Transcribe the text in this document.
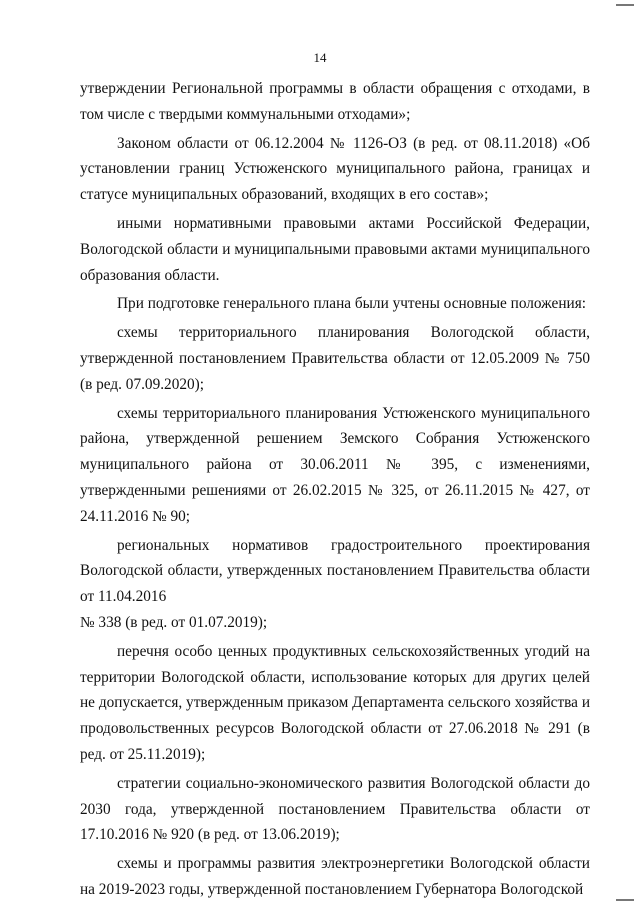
14

утверждении Региональной программы в области обращения с отходами, в том числе с твердыми коммунальными отходами»;

Законом области от 06.12.2004 № 1126-ОЗ (в ред. от 08.11.2018) «Об установлении границ Устюженского муниципального района, границах и статусе муниципальных образований, входящих в его состав»;

иными нормативными правовыми актами Российской Федерации, Вологодской области и муниципальными правовыми актами муниципального образования области.

При подготовке генерального плана были учтены основные положения:

схемы территориального планирования Вологодской области, утвержденной постановлением Правительства области от 12.05.2009 № 750 (в ред. 07.09.2020);

схемы территориального планирования Устюженского муниципального района, утвержденной решением Земского Собрания Устюженского муниципального района от 30.06.2011 № 395, с изменениями, утвержденными решениями от 26.02.2015 № 325, от 26.11.2015 № 427, от 24.11.2016 № 90;

региональных нормативов градостроительного проектирования Вологодской области, утвержденных постановлением Правительства области от 11.04.2016

№ 338 (в ред. от 01.07.2019);

перечня особо ценных продуктивных сельскохозяйственных угодий на территории Вологодской области, использование которых для других целей не допускается, утвержденным приказом Департамента сельского хозяйства и продовольственных ресурсов Вологодской области от 27.06.2018 № 291 (в ред. от 25.11.2019);

стратегии социально-экономического развития Вологодской области до 2030 года, утвержденной постановлением Правительства области от 17.10.2016 № 920 (в ред. от 13.06.2019);

схемы и программы развития электроэнергетики Вологодской области на 2019-2023 годы, утвержденной постановлением Губернатора Вологодской
